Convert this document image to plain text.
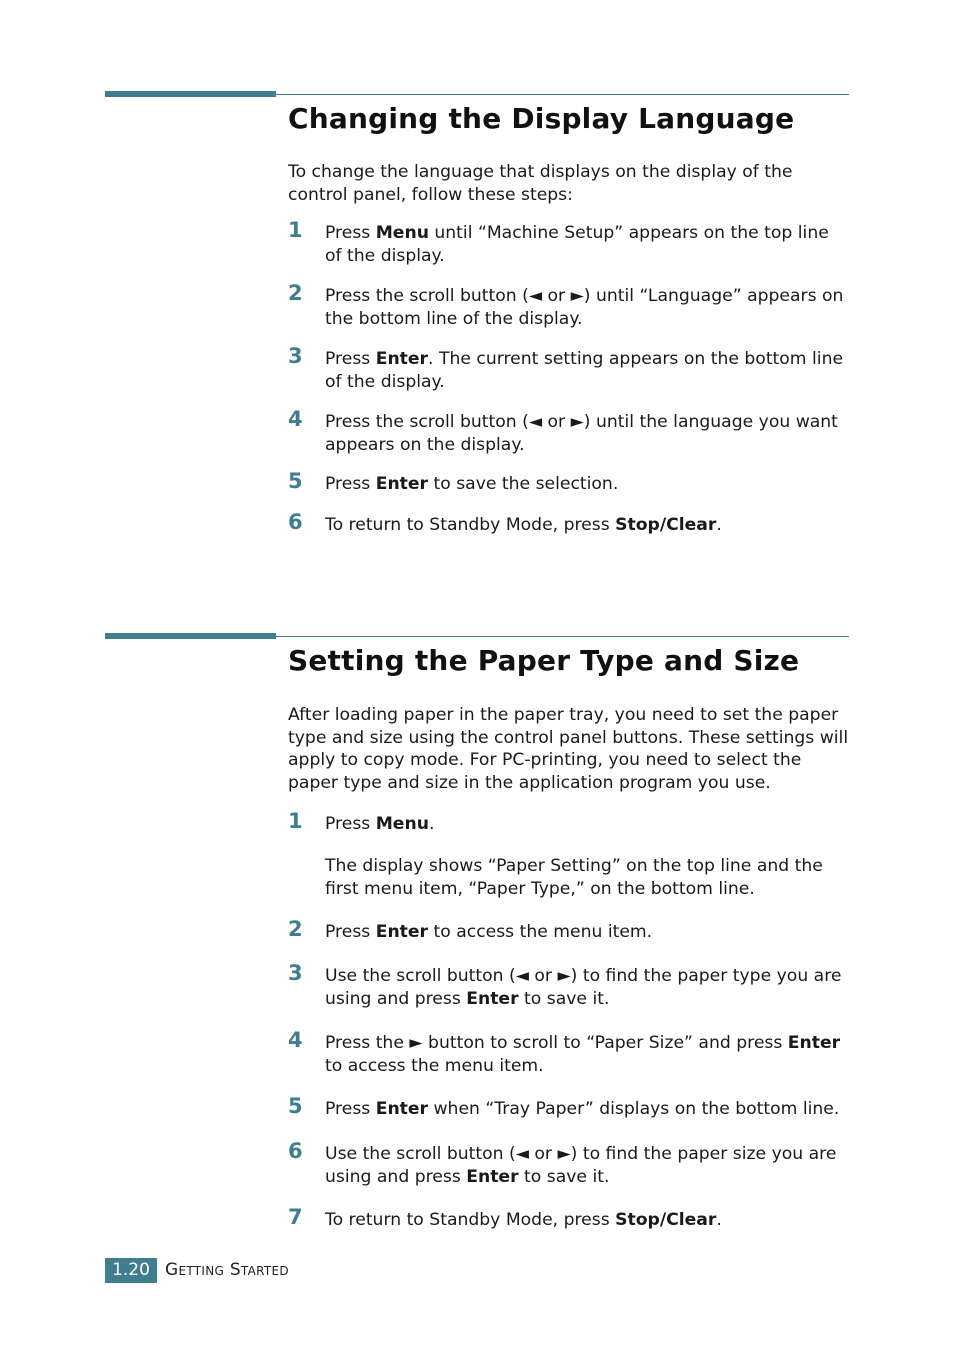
Changing the Display Language

To change the language that displays on the display of the control panel, follow these steps:

1 Press Menu until “Machine Setup” appears on the top line of the display.

2 Press the scroll button (◄ or ►) until “Language” appears on the bottom line of the display.

3 Press Enter. The current setting appears on the bottom line of the display.

4 Press the scroll button (◄ or ►) until the language you want appears on the display.

5 Press Enter to save the selection.

6 To return to Standby Mode, press Stop/Clear.

Setting the Paper Type and Size

After loading paper in the paper tray, you need to set the paper type and size using the control panel buttons. These settings will apply to copy mode. For PC-printing, you need to select the paper type and size in the application program you use.

1 Press Menu.

The display shows “Paper Setting” on the top line and the first menu item, “Paper Type,” on the bottom line.

2 Press Enter to access the menu item.

3 Use the scroll button (◄ or ►) to find the paper type you are using and press Enter to save it.

4 Press the ► button to scroll to “Paper Size” and press Enter to access the menu item.

5 Press Enter when “Tray Paper” displays on the bottom line.

6 Use the scroll button (◄ or ►) to find the paper size you are using and press Enter to save it.

7 To return to Standby Mode, press Stop/Clear.

1.20 Getting Started
